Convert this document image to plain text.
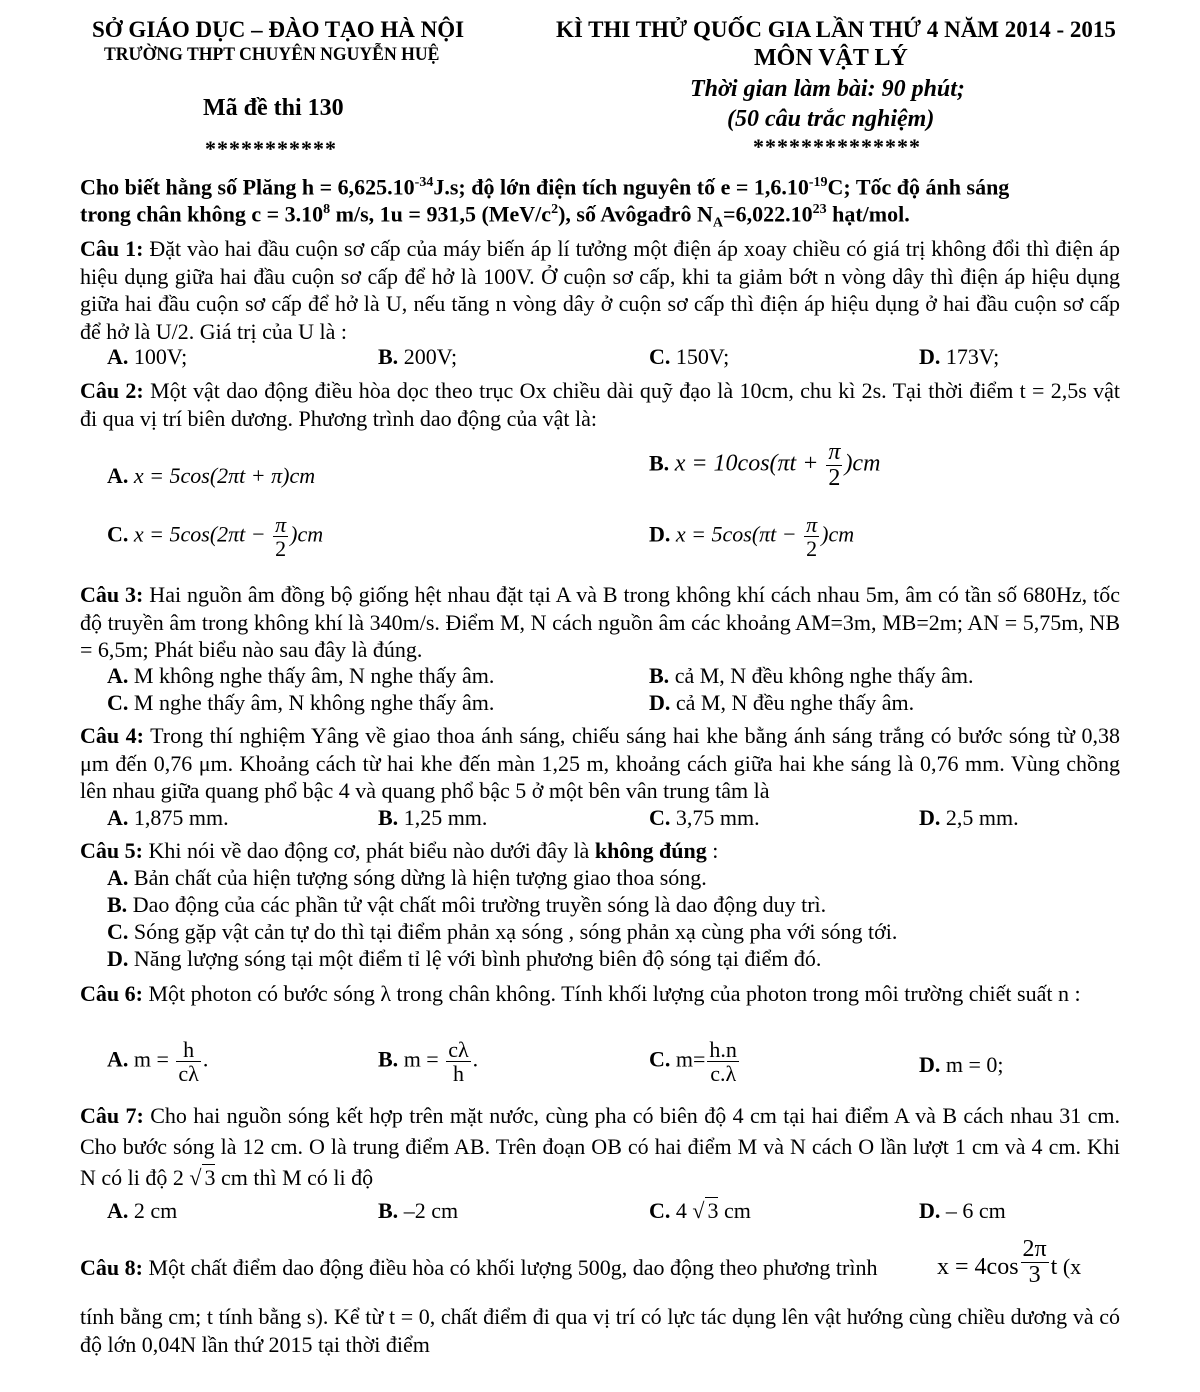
SỞ GIÁO DỤC – ĐÀO TẠO HÀ NỘI
TRƯỜNG THPT CHUYÊN NGUYỄN HUỆ
Mã đề thi 130
***********
KÌ THI THỬ QUỐC GIA LẦN THỨ 4 NĂM 2014 - 2015
MÔN VẬT LÝ
Thời gian làm bài: 90 phút;
(50 câu trắc nghiệm)
**************
Cho biết hằng số Plăng $h = 6,625.10^{-34}J.s$; độ lớn điện tích nguyên tố $e = 1,6.10^{-19}C$; Tốc độ ánh sáng
trong chân không $c = 3.10^8$ m/s, 1u = 931,5 $(MeV/c^2)$, số Avôgađrô $N_A=6,022.10^{23}$ hạt/mol.
Câu 1: Đặt vào hai đầu cuộn sơ cấp của máy biến áp lí tưởng một điện áp xoay chiều có giá trị không đổi thì điện áp hiệu dụng giữa hai đầu cuộn sơ cấp để hở là 100V. Ở cuộn sơ cấp, khi ta giảm bớt n vòng dây thì điện áp hiệu dụng giữa hai đầu cuộn sơ cấp để hở là U, nếu tăng n vòng dây ở cuộn sơ cấp thì điện áp hiệu dụng ở hai đầu cuộn sơ cấp để hở là U/2. Giá trị của U là :
A. 100V;	B. 200V;	C. 150V;	D. 173V;
Câu 2: Một vật dao động điều hòa dọc theo trục Ox chiều dài quỹ đạo là 10cm, chu kì 2s. Tại thời điểm t = 2,5s vật đi qua vị trí biên dương. Phương trình dao động của vật là:
A. x = 5cos(2πt + π)cm	B. $x = 10\cos(\pi t + \frac{\pi}{2} )cm$
C. $x = 5\cos(2\pi t - \frac{\pi}{2} )cm$	D. $x = 5\cos(\pi t - \frac{\pi}{2} )cm$
Câu 3: Hai nguồn âm đồng bộ giống hệt nhau đặt tại A và B trong không khí cách nhau 5m, âm có tần số 680Hz, tốc độ truyền âm trong không khí là 340m/s. Điểm M, N cách nguồn âm các khoảng AM=3m, MB=2m; AN = 5,75m, NB = 6,5m; Phát biểu nào sau đây là đúng.
A. M không nghe thấy âm, N nghe thấy âm.	B. cả M, N đều không nghe thấy âm.
C. M nghe thấy âm, N không nghe thấy âm.	D. cả M, N đều nghe thấy âm.
Câu 4: Trong thí nghiệm Yâng về giao thoa ánh sáng, chiếu sáng hai khe bằng ánh sáng trắng có bước sóng từ 0,38 μm đến 0,76 μm. Khoảng cách từ hai khe đến màn 1,25 m, khoảng cách giữa hai khe sáng là 0,76 mm. Vùng chồng lên nhau giữa quang phổ bậc 4 và quang phổ bậc 5 ở một bên vân trung tâm là
A. 1,875 mm.	B. 1,25 mm.	C. 3,75 mm.	D. 2,5 mm.
Câu 5: Khi nói về dao động cơ, phát biểu nào dưới đây là không đúng :
A. Bản chất của hiện tượng sóng dừng là hiện tượng giao thoa sóng.
B. Dao động của các phần tử vật chất môi trường truyền sóng là dao động duy trì.
C. Sóng gặp vật cản tự do thì tại điểm phản xạ sóng , sóng phản xạ cùng pha với sóng tới.
D. Năng lượng sóng tại một điểm tỉ lệ với bình phương biên độ sóng tại điểm đó.
Câu 6: Một photon có bước sóng λ trong chân không. Tính khối lượng của photon trong môi trường chiết suất n :
A. $m = \frac{h}{c\lambda}$ .	B. $m = \frac{c\lambda}{h}$ .	C. $m= \frac{h.n}{c.\lambda}$	D. m = 0;
Câu 7: Cho hai nguồn sóng kết hợp trên mặt nước, cùng pha có biên độ 4 cm tại hai điểm A và B cách nhau 31 cm. Cho bước sóng là 12 cm. O là trung điểm AB. Trên đoạn OB có hai điểm M và N cách O lần lượt 1 cm và 4 cm. Khi N có li độ 2 √ 3 cm thì M có li độ
A. 2 cm	B. –2 cm	C. 4 √ 3 cm	D. – 6 cm
Câu 8: Một chất điểm dao động điều hòa có khối lượng 500g, dao động theo phương trình $x = 4\cos \frac{2\pi}{3}$ t (x
tính bằng cm; t tính bằng s). Kể từ t = 0, chất điểm đi qua vị trí có lực tác dụng lên vật hướng cùng chiều dương và có độ lớn 0,04N lần thứ 2015 tại thời điểm
